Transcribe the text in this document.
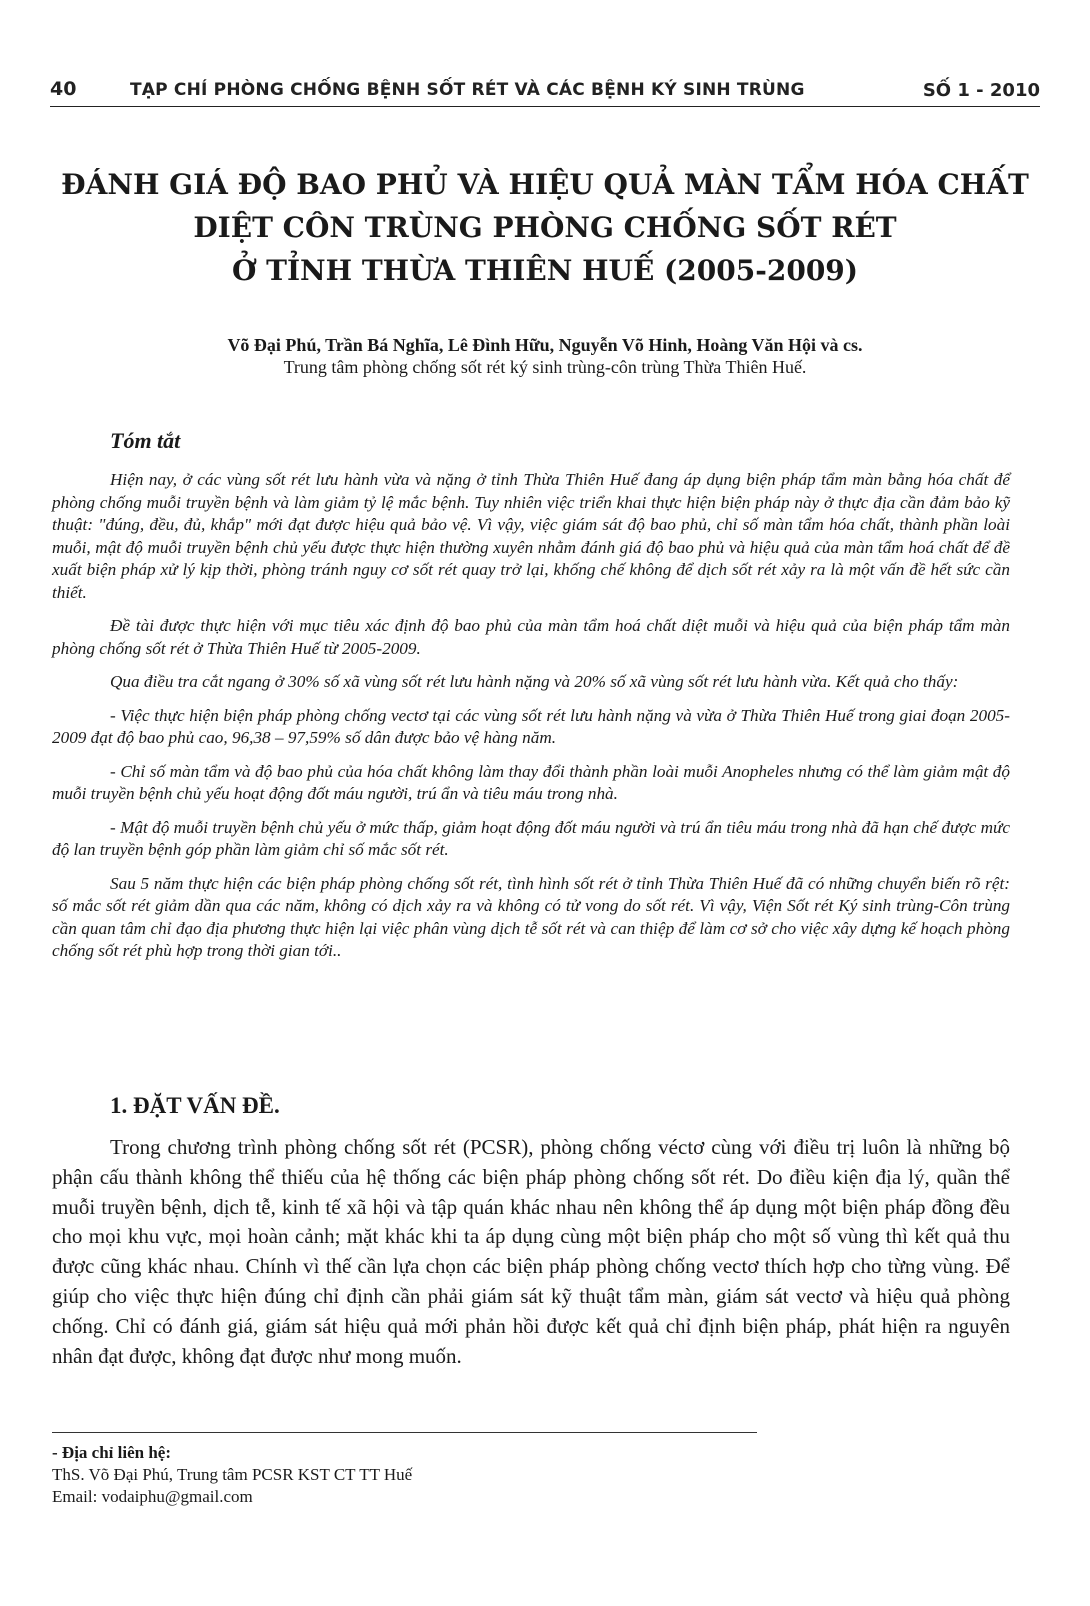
40	TẠP CHÍ PHÒNG CHỐNG BỆNH SỐT RÉT VÀ CÁC BỆNH KÝ SINH TRÙNG	SỐ 1 - 2010
ĐÁNH GIÁ ĐỘ BAO PHỦ VÀ HIỆU QUẢ MÀN TẨM HÓA CHẤT
DIỆT CÔN TRÙNG PHÒNG CHỐNG SỐT RÉT
Ở TỈNH THỪA THIÊN HUẾ (2005-2009)
Võ Đại Phú, Trần Bá Nghĩa, Lê Đình Hữu, Nguyễn Võ Hinh, Hoàng Văn Hội và cs.
Trung tâm phòng chống sốt rét ký sinh trùng-côn trùng Thừa Thiên Huế.
Tóm tắt

Hiện nay, ở các vùng sốt rét lưu hành vừa và nặng ở tỉnh Thừa Thiên Huế đang áp dụng biện pháp tẩm màn bằng hóa chất để phòng chống muỗi truyền bệnh và làm giảm tỷ lệ mắc bệnh. Tuy nhiên việc triển khai thực hiện biện pháp này ở thực địa cần đảm bảo kỹ thuật: "đúng, đều, đủ, khắp" mới đạt được hiệu quả bảo vệ. Vì vậy, việc giám sát độ bao phủ, chỉ số màn tẩm hóa chất, thành phần loài muỗi, mật độ muỗi truyền bệnh chủ yếu được thực hiện thường xuyên nhằm đánh giá độ bao phủ và hiệu quả của màn tẩm hoá chất để đề xuất biện pháp xử lý kịp thời, phòng tránh nguy cơ sốt rét quay trở lại, khống chế không để dịch sốt rét xảy ra là một vấn đề hết sức cần thiết.

Đề tài được thực hiện với mục tiêu xác định độ bao phủ của màn tẩm hoá chất diệt muỗi và hiệu quả của biện pháp tẩm màn phòng chống sốt rét ở Thừa Thiên Huế từ 2005-2009.

Qua điều tra cắt ngang ở 30% số xã vùng sốt rét lưu hành nặng và 20% số xã vùng sốt rét lưu hành vừa. Kết quả cho thấy:

- Việc thực hiện biện pháp phòng chống vectơ tại các vùng sốt rét lưu hành nặng và vừa ở Thừa Thiên Huế trong giai đoạn 2005-2009 đạt độ bao phủ cao, 96,38 – 97,59% số dân được bảo vệ hàng năm.

- Chỉ số màn tẩm và độ bao phủ của hóa chất không làm thay đổi thành phần loài muỗi Anopheles nhưng có thể làm giảm mật độ muỗi truyền bệnh chủ yếu hoạt động đốt máu người, trú ẩn và tiêu máu trong nhà.

- Mật độ muỗi truyền bệnh chủ yếu ở mức thấp, giảm hoạt động đốt máu người và trú ẩn tiêu máu trong nhà đã hạn chế được mức độ lan truyền bệnh góp phần làm giảm chỉ số mắc sốt rét.

Sau 5 năm thực hiện các biện pháp phòng chống sốt rét, tình hình sốt rét ở tỉnh Thừa Thiên Huế đã có những chuyển biến rõ rệt: số mắc sốt rét giảm dần qua các năm, không có dịch xảy ra và không có tử vong do sốt rét. Vì vậy, Viện Sốt rét Ký sinh trùng-Côn trùng cần quan tâm chỉ đạo địa phương thực hiện lại việc phân vùng dịch tễ sốt rét và can thiệp để làm cơ sở cho việc xây dựng kế hoạch phòng chống sốt rét phù hợp trong thời gian tới..

1. ĐẶT VẤN ĐỀ.

Trong chương trình phòng chống sốt rét (PCSR), phòng chống véctơ cùng với điều trị luôn là những bộ phận cấu thành không thể thiếu của hệ thống các biện pháp phòng chống sốt rét. Do điều kiện địa lý, quần thể muỗi truyền bệnh, dịch tễ, kinh tế xã hội và tập quán khác nhau nên không thể áp dụng một biện pháp đồng đều cho mọi khu vực, mọi hoàn cảnh; mặt khác khi ta áp dụng cùng một biện pháp cho một số vùng thì kết quả thu được cũng khác nhau. Chính vì thế cần lựa chọn các biện pháp phòng chống vectơ thích hợp cho từng vùng. Để giúp cho việc thực hiện đúng chỉ định cần phải giám sát kỹ thuật tẩm màn, giám sát vectơ và hiệu quả phòng chống. Chỉ có đánh giá, giám sát hiệu quả mới phản hồi được kết quả chỉ định biện pháp, phát hiện ra nguyên nhân đạt được, không đạt được như mong muốn.

- Địa chỉ liên hệ:
ThS. Võ Đại Phú, Trung tâm PCSR KST CT TT Huế
Email: vodaiphu@gmail.com
